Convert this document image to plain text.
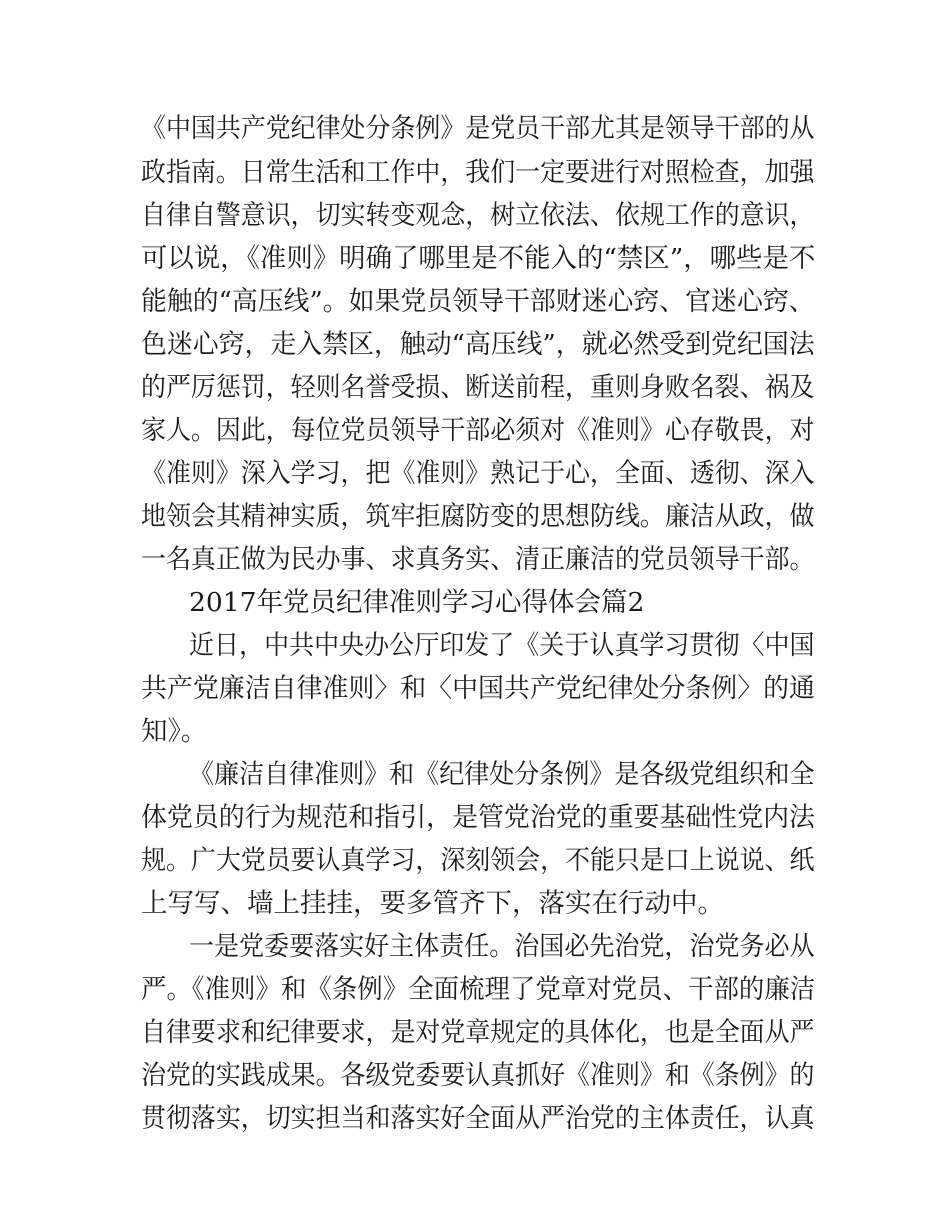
《中国共产党纪律处分条例》是党员干部尤其是领导干部的从
政指南。日常生活和工作中，我们一定要进行对照检查，加强
自律自警意识，切实转变观念，树立依法、依规工作的意识，
可以说，《准则》明确了哪里是不能入的“禁区”，哪些是不
能触的“高压线”。如果党员领导干部财迷心窍、官迷心窍、
色迷心窍，走入禁区，触动“高压线”，就必然受到党纪国法
的严厉惩罚，轻则名誉受损、断送前程，重则身败名裂、祸及
家人。因此，每位党员领导干部必须对《准则》心存敬畏，对
《准则》深入学习，把《准则》熟记于心，全面、透彻、深入
地领会其精神实质，筑牢拒腐防变的思想防线。廉洁从政，做
一名真正做为民办事、求真务实、清正廉洁的党员领导干部。
2017年党员纪律准则学习心得体会篇2
近日，中共中央办公厅印发了《关于认真学习贯彻〈中国
共产党廉洁自律准则〉和〈中国共产党纪律处分条例〉的通
知》。
《廉洁自律准则》和《纪律处分条例》是各级党组织和全
体党员的行为规范和指引，是管党治党的重要基础性党内法
规。广大党员要认真学习，深刻领会，不能只是口上说说、纸
上写写、墙上挂挂，要多管齐下，落实在行动中。
一是党委要落实好主体责任。治国必先治党，治党务必从
严。《准则》和《条例》全面梳理了党章对党员、干部的廉洁
自律要求和纪律要求，是对党章规定的具体化，也是全面从严
治党的实践成果。各级党委要认真抓好《准则》和《条例》的
贯彻落实，切实担当和落实好全面从严治党的主体责任，认真
